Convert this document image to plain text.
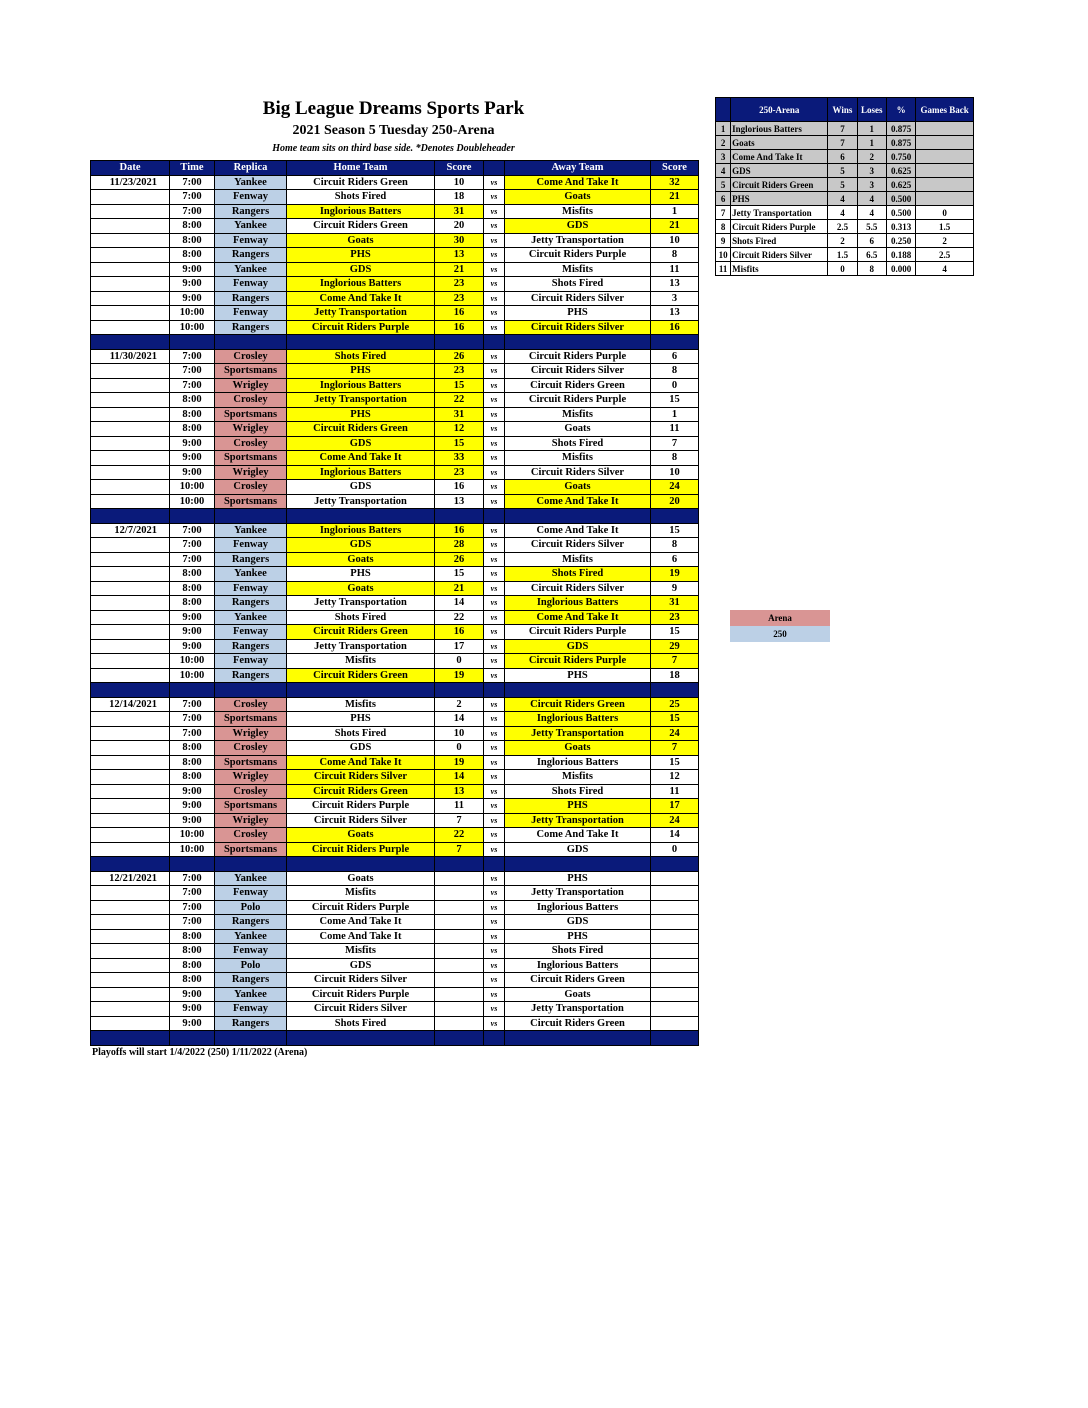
Big League Dreams Sports Park
2021 Season 5 Tuesday 250-Arena
Home team sits on third base side. *Denotes Doubleheader
Date	Time	Replica	Home Team	Score		Away Team	Score
11/23/2021	7:00	Yankee	Circuit Riders Green	10	vs	Come And Take It	32
	7:00	Fenway	Shots Fired	18	vs	Goats	21
	7:00	Rangers	Inglorious Batters	31	vs	Misfits	1
	8:00	Yankee	Circuit Riders Green	20	vs	GDS	21
	8:00	Fenway	Goats	30	vs	Jetty Transportation	10
	8:00	Rangers	PHS	13	vs	Circuit Riders Purple	8
	9:00	Yankee	GDS	21	vs	Misfits	11
	9:00	Fenway	Inglorious Batters	23	vs	Shots Fired	13
	9:00	Rangers	Come And Take It	23	vs	Circuit Riders Silver	3
	10:00	Fenway	Jetty Transportation	16	vs	PHS	13
	10:00	Rangers	Circuit Riders Purple	16	vs	Circuit Riders Silver	16

11/30/2021	7:00	Crosley	Shots Fired	26	vs	Circuit Riders Purple	6
	7:00	Sportsmans	PHS	23	vs	Circuit Riders Silver	8
	7:00	Wrigley	Inglorious Batters	15	vs	Circuit Riders Green	0
	8:00	Crosley	Jetty Transportation	22	vs	Circuit Riders Purple	15
	8:00	Sportsmans	PHS	31	vs	Misfits	1
	8:00	Wrigley	Circuit Riders Green	12	vs	Goats	11
	9:00	Crosley	GDS	15	vs	Shots Fired	7
	9:00	Sportsmans	Come And Take It	33	vs	Misfits	8
	9:00	Wrigley	Inglorious Batters	23	vs	Circuit Riders Silver	10
	10:00	Crosley	GDS	16	vs	Goats	24
	10:00	Sportsmans	Jetty Transportation	13	vs	Come And Take It	20

12/7/2021	7:00	Yankee	Inglorious Batters	16	vs	Come And Take It	15
	7:00	Fenway	GDS	28	vs	Circuit Riders Silver	8
	7:00	Rangers	Goats	26	vs	Misfits	6
	8:00	Yankee	PHS	15	vs	Shots Fired	19
	8:00	Fenway	Goats	21	vs	Circuit Riders Silver	9
	8:00	Rangers	Jetty Transportation	14	vs	Inglorious Batters	31
	9:00	Yankee	Shots Fired	22	vs	Come And Take It	23
	9:00	Fenway	Circuit Riders Green	16	vs	Circuit Riders Purple	15
	9:00	Rangers	Jetty Transportation	17	vs	GDS	29
	10:00	Fenway	Misfits	0	vs	Circuit Riders Purple	7
	10:00	Rangers	Circuit Riders Green	19	vs	PHS	18

12/14/2021	7:00	Crosley	Misfits	2	vs	Circuit Riders Green	25
	7:00	Sportsmans	PHS	14	vs	Inglorious Batters	15
	7:00	Wrigley	Shots Fired	10	vs	Jetty Transportation	24
	8:00	Crosley	GDS	0	vs	Goats	7
	8:00	Sportsmans	Come And Take It	19	vs	Inglorious Batters	15
	8:00	Wrigley	Circuit Riders Silver	14	vs	Misfits	12
	9:00	Crosley	Circuit Riders Green	13	vs	Shots Fired	11
	9:00	Sportsmans	Circuit Riders Purple	11	vs	PHS	17
	9:00	Wrigley	Circuit Riders Silver	7	vs	Jetty Transportation	24
	10:00	Crosley	Goats	22	vs	Come And Take It	14
	10:00	Sportsmans	Circuit Riders Purple	7	vs	GDS	0

12/21/2021	7:00	Yankee	Goats		vs	PHS	
	7:00	Fenway	Misfits		vs	Jetty Transportation	
	7:00	Polo	Circuit Riders Purple		vs	Inglorious Batters	
	7:00	Rangers	Come And Take It		vs	GDS	
	8:00	Yankee	Come And Take It		vs	PHS	
	8:00	Fenway	Misfits		vs	Shots Fired	
	8:00	Polo	GDS		vs	Inglorious Batters	
	8:00	Rangers	Circuit Riders Silver		vs	Circuit Riders Green	
	9:00	Yankee	Circuit Riders Purple		vs	Goats	
	9:00	Fenway	Circuit Riders Silver		vs	Jetty Transportation	
	9:00	Rangers	Shots Fired		vs	Circuit Riders Green	

Playoffs will start 1/4/2022 (250) 1/11/2022 (Arena)
	250-Arena	Wins	Loses	%	Games Back
1	Inglorious Batters	7	1	0.875	
2	Goats	7	1	0.875	
3	Come And Take It	6	2	0.750	
4	GDS	5	3	0.625	
5	Circuit Riders Green	5	3	0.625	
6	PHS	4	4	0.500	
7	Jetty Transportation	4	4	0.500	0
8	Circuit Riders Purple	2.5	5.5	0.313	1.5
9	Shots Fired	2	6	0.250	2
10	Circuit Riders Silver	1.5	6.5	0.188	2.5
11	Misfits	0	8	0.000	4
Arena
250
